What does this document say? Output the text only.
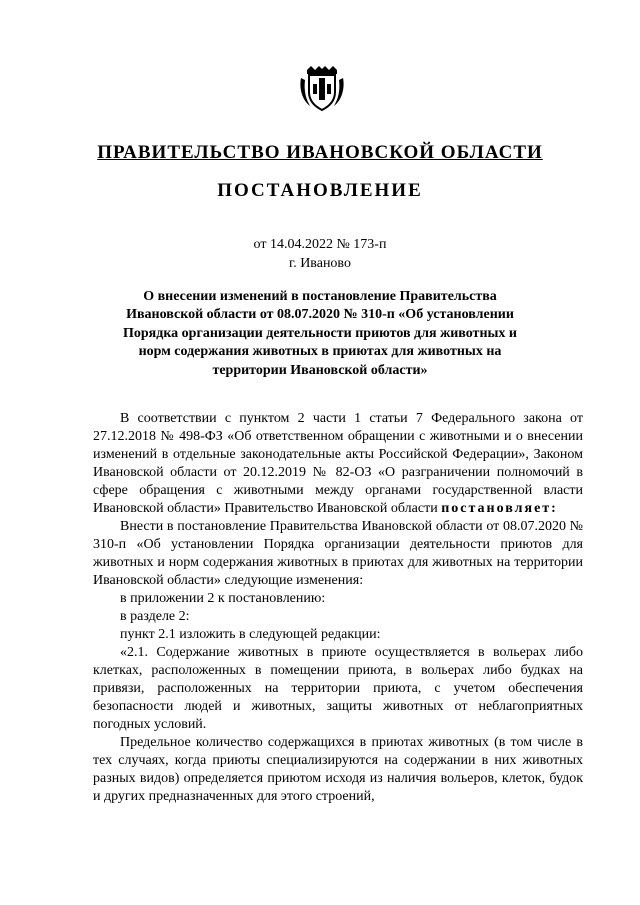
ПРАВИТЕЛЬСТВО ИВАНОВСКОЙ ОБЛАСТИ
ПОСТАНОВЛЕНИЕ
от 14.04.2022 № 173-п
г. Иваново
О внесении изменений в постановление Правительства Ивановской области от 08.07.2020 № 310-п «Об установлении Порядка организации деятельности приютов для животных и норм содержания животных в приютах для животных на территории Ивановской области»

В соответствии с пунктом 2 части 1 статьи 7 Федерального закона от 27.12.2018 № 498-ФЗ «Об ответственном обращении с животными и о внесении изменений в отдельные законодательные акты Российской Федерации», Законом Ивановской области от 20.12.2019 № 82-ОЗ «О разграничении полномочий в сфере обращения с животными между органами государственной власти Ивановской области» Правительство Ивановской области постановляет:

Внести в постановление Правительства Ивановской области от 08.07.2020 № 310-п «Об установлении Порядка организации деятельности приютов для животных и норм содержания животных в приютах для животных на территории Ивановской области» следующие изменения:

в приложении 2 к постановлению:

в разделе 2:

пункт 2.1 изложить в следующей редакции:

«2.1. Содержание животных в приюте осуществляется в вольерах либо клетках, расположенных в помещении приюта, в вольерах либо будках на привязи, расположенных на территории приюта, с учетом обеспечения безопасности людей и животных, защиты животных от неблагоприятных погодных условий.

Предельное количество содержащихся в приютах животных (в том числе в тех случаях, когда приюты специализируются на содержании в них животных разных видов) определяется приютом исходя из наличия вольеров, клеток, будок и других предназначенных для этого строений,
